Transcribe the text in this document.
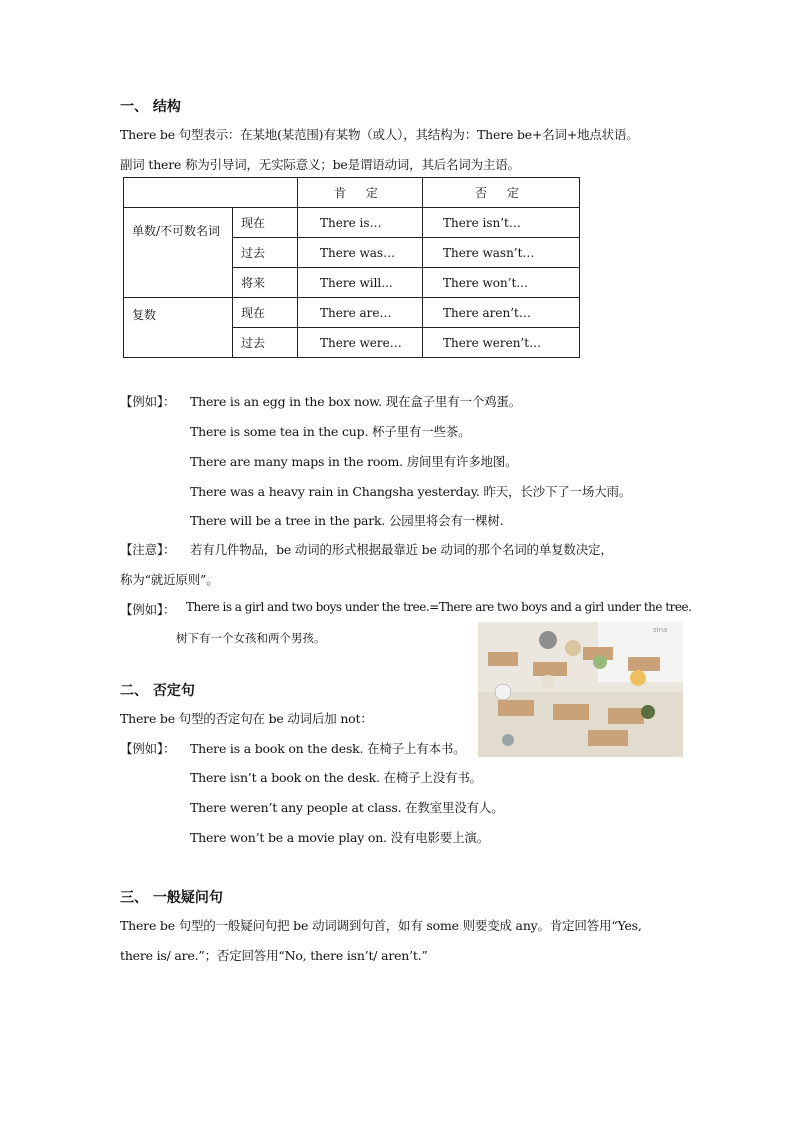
一、 结构
There be 句型表示：在某地(某范围)有某物（或人），其结构为：There be+名词+地点状语。
副词 there 称为引导词，无实际意义；be是谓语动词，其后名词为主语。
		肯 定	否 定
单数/不可数名词	现在	There is…	There isn’t…
	过去	There was…	There wasn’t…
	将来	There will...	There won’t...
复数	现在	There are…	There aren’t…
	过去	There were…	There weren’t…
【例如】： There is an egg in the box now. 现在盒子里有一个鸡蛋。
There is some tea in the cup. 杯子里有一些茶。
There are many maps in the room. 房间里有许多地图。
There was a heavy rain in Changsha yesterday. 昨天，长沙下了一场大雨。
There will be a tree in the park. 公园里将会有一棵树.
【注意】： 若有几件物品，be 动词的形式根据最靠近 be 动词的那个名词的单复数决定，
称为“就近原则”。
【例如】： There is a girl and two boys under the tree.=There are two boys and a girl under the tree.
树下有一个女孩和两个男孩。
sina
二、 否定句
There be 句型的否定句在 be 动词后加 not：
【例如】： There is a book on the desk. 在椅子上有本书。
There isn’t a book on the desk. 在椅子上没有书。
There weren’t any people at class. 在教室里没有人。
There won’t be a movie play on. 没有电影要上演。
三、 一般疑问句
There be 句型的一般疑问句把 be 动词调到句首，如有 some 则要变成 any。肯定回答用“Yes,
there is/ are.”；否定回答用“No, there isn’t/ aren’t.”
